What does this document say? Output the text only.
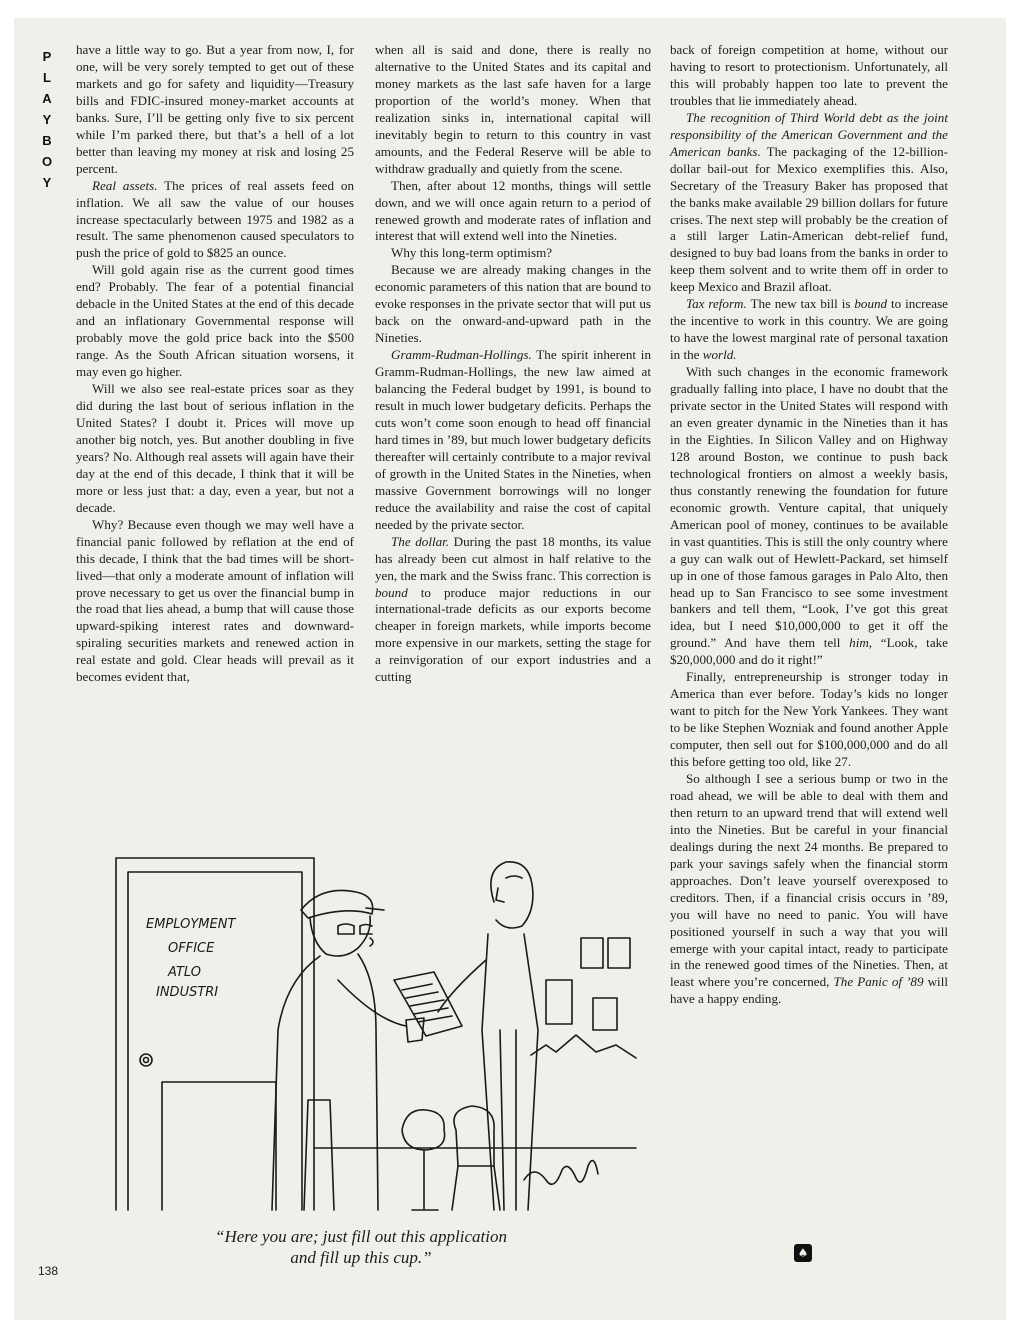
P
L
A
Y
B
O
Y

have a little way to go. But a year from now, I, for one, will be very sorely tempted to get out of these markets and go for safety and liquidity—Treasury bills and FDIC-insured money-market accounts at banks. Sure, I’ll be getting only five to six percent while I’m parked there, but that’s a hell of a lot better than leaving my money at risk and losing 25 percent.

Real assets. The prices of real assets feed on inflation. We all saw the value of our houses increase spectacularly between 1975 and 1982 as a result. The same phenomenon caused speculators to push the price of gold to $825 an ounce.

Will gold again rise as the current good times end? Probably. The fear of a potential financial debacle in the United States at the end of this decade and an inflationary Governmental response will probably move the gold price back into the $500 range. As the South African situation worsens, it may even go higher.

Will we also see real-estate prices soar as they did during the last bout of serious inflation in the United States? I doubt it. Prices will move up another big notch, yes. But another doubling in five years? No. Although real assets will again have their day at the end of this decade, I think that it will be more or less just that: a day, even a year, but not a decade.

Why? Because even though we may well have a financial panic followed by reflation at the end of this decade, I think that the bad times will be short-lived—that only a moderate amount of inflation will prove necessary to get us over the financial bump in the road that lies ahead, a bump that will cause those upward-spiking interest rates and downward-spiraling securities markets and renewed action in real estate and gold. Clear heads will prevail as it becomes evident that,

when all is said and done, there is really no alternative to the United States and its capital and money markets as the last safe haven for a large proportion of the world’s money. When that realization sinks in, international capital will inevitably begin to return to this country in vast amounts, and the Federal Reserve will be able to withdraw gradually and quietly from the scene.

Then, after about 12 months, things will settle down, and we will once again return to a period of renewed growth and moderate rates of inflation and interest that will extend well into the Nineties.

Why this long-term optimism?

Because we are already making changes in the economic parameters of this nation that are bound to evoke responses in the private sector that will put us back on the onward-and-upward path in the Nineties.

Gramm-Rudman-Hollings. The spirit inherent in Gramm-Rudman-Hollings, the new law aimed at balancing the Federal budget by 1991, is bound to result in much lower budgetary deficits. Perhaps the cuts won’t come soon enough to head off financial hard times in ’89, but much lower budgetary deficits thereafter will certainly contribute to a major revival of growth in the United States in the Nineties, when massive Government borrowings will no longer reduce the availability and raise the cost of capital needed by the private sector.

The dollar. During the past 18 months, its value has already been cut almost in half relative to the yen, the mark and the Swiss franc. This correction is bound to produce major reductions in our international-trade deficits as our exports become cheaper in foreign markets, while imports become more expensive in our markets, setting the stage for a reinvigoration of our export industries and a cutting

back of foreign competition at home, without our having to resort to protectionism. Unfortunately, all this will probably happen too late to prevent the troubles that lie immediately ahead.

The recognition of Third World debt as the joint responsibility of the American Government and the American banks. The packaging of the 12-billion-dollar bail-out for Mexico exemplifies this. Also, Secretary of the Treasury Baker has proposed that the banks make available 29 billion dollars for future crises. The next step will probably be the creation of a still larger Latin-American debt-relief fund, designed to buy bad loans from the banks in order to keep them solvent and to write them off in order to keep Mexico and Brazil afloat.

Tax reform. The new tax bill is bound to increase the incentive to work in this country. We are going to have the lowest marginal rate of personal taxation in the world.

With such changes in the economic framework gradually falling into place, I have no doubt that the private sector in the United States will respond with an even greater dynamic in the Nineties than it has in the Eighties. In Silicon Valley and on Highway 128 around Boston, we continue to push back technological frontiers on almost a weekly basis, thus constantly renewing the foundation for future economic growth. Venture capital, that uniquely American pool of money, continues to be available in vast quantities. This is still the only country where a guy can walk out of Hewlett-Packard, set himself up in one of those famous garages in Palo Alto, then head up to San Francisco to see some investment bankers and tell them, “Look, I’ve got this great idea, but I need $10,000,000 to get it off the ground.” And have them tell him, “Look, take $20,000,000 and do it right!”

Finally, entrepreneurship is stronger today in America than ever before. Today’s kids no longer want to pitch for the New York Yankees. They want to be like Stephen Wozniak and found another Apple computer, then sell out for $100,000,000 and do all this before getting too old, like 27.

So although I see a serious bump or two in the road ahead, we will be able to deal with them and then return to an upward trend that will extend well into the Nineties. But be careful in your financial dealings during the next 24 months. Be prepared to park your savings safely when the financial storm approaches. Don’t leave yourself overexposed to creditors. Then, if a financial crisis occurs in ’89, you will have no need to panic. You will have positioned yourself in such a way that you will emerge with your capital intact, ready to participate in the renewed good times of the Nineties. Then, at least where you’re concerned, The Panic of ’89 will have a happy ending.

EMPLOYMENT
OFFICE
ATLO
INDUSTRI
“Here you are; just fill out this application
and fill up this cup.”
138
♠
